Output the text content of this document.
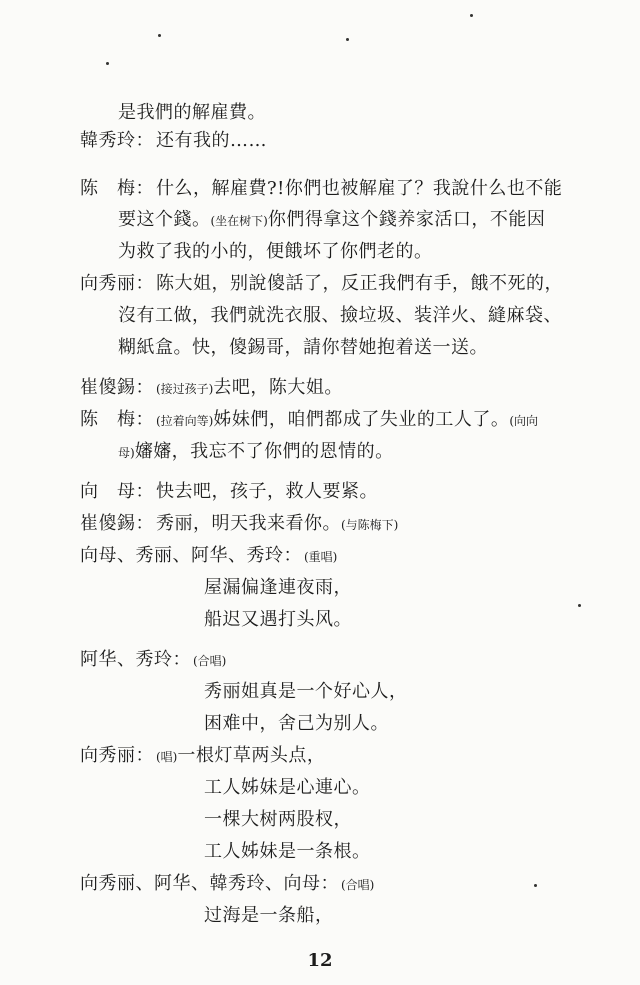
是我們的解雇費。
韓秀玲： 还有我的……
陈　梅： 什么，解雇費?!你們也被解雇了？我說什么也不能
要这个錢。(坐在树下)你們得拿这个錢养家活口，不能因
为救了我的小的，便餓坏了你們老的。
向秀丽： 陈大姐，别說傻話了，反正我們有手，餓不死的，
沒有工做，我們就洗衣服、撿垃圾、装洋火、縫麻袋、
糊紙盒。快，傻錫哥，請你替她抱着送一送。
崔傻錫： (接过孩子)去吧，陈大姐。
陈　梅： (拉着向等)姊妹們，咱們都成了失业的工人了。(向向
母)嬸嬸，我忘不了你們的恩情的。
向　母： 快去吧，孩子，救人要紧。
崔傻錫： 秀丽，明天我来看你。(与陈梅下)
向母、秀丽、阿华、秀玲： (重唱)
屋漏偏逢連夜雨，
船迟又遇打头风。
阿华、秀玲： (合唱)
秀丽姐真是一个好心人，
困难中，舍己为别人。
向秀丽： (唱)一根灯草两头点，
工人姊妹是心連心。
一棵大树两股杈，
工人姊妹是一条根。
向秀丽、阿华、韓秀玲、向母： (合唱)
过海是一条船，
12
